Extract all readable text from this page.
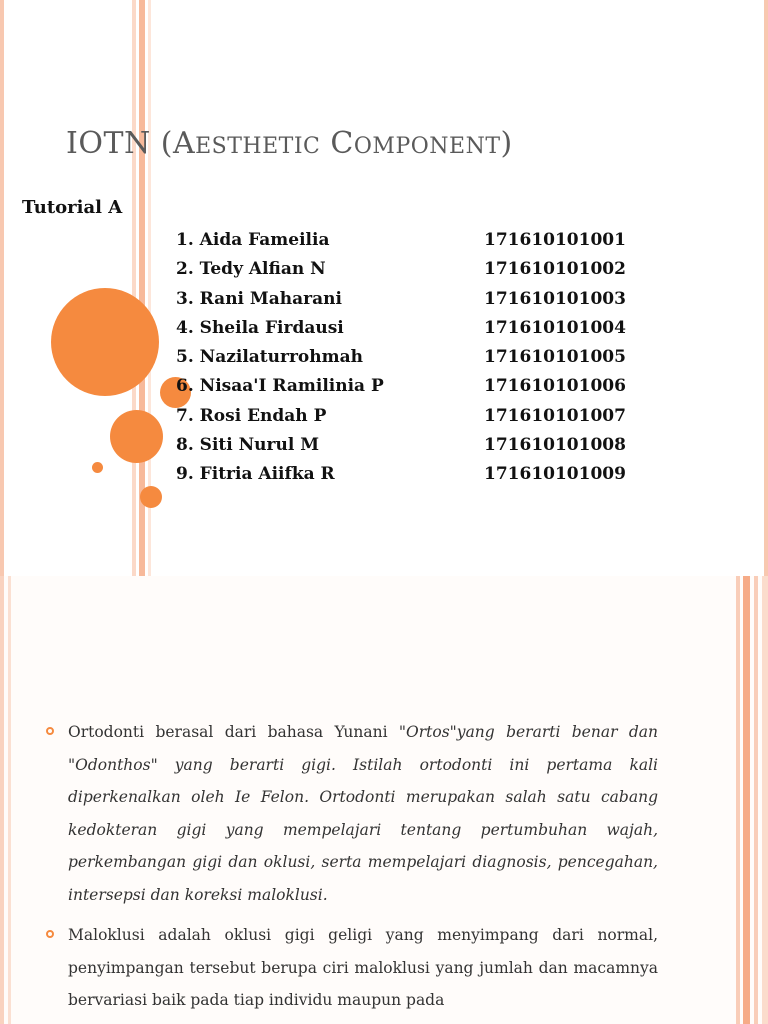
IOTN (AESTHETIC COMPONENT)
Tutorial A
1. Aida Fameilia	171610101001
2. Tedy Alfian N	171610101002
3. Rani Maharani	171610101003
4. Sheila Firdausi	171610101004
5. Nazilaturrohmah	171610101005
6. Nisaa'I Ramilinia P	171610101006
7. Rosi Endah P	171610101007
8. Siti Nurul M	171610101008
9. Fitria Aiifka R	171610101009
Ortodonti berasal dari bahasa Yunani "Ortos"yang berarti benar dan "Odonthos" yang berarti gigi. Istilah ortodonti ini pertama kali diperkenalkan oleh Ie Felon. Ortodonti merupakan salah satu cabang kedokteran gigi yang mempelajari tentang pertumbuhan wajah, perkembangan gigi dan oklusi, serta mempelajari diagnosis, pencegahan, intersepsi dan koreksi maloklusi.
Maloklusi adalah oklusi gigi geligi yang menyimpang dari normal, penyimpangan tersebut berupa ciri maloklusi yang jumlah dan macamnya bervariasi baik pada tiap individu maupun pada
